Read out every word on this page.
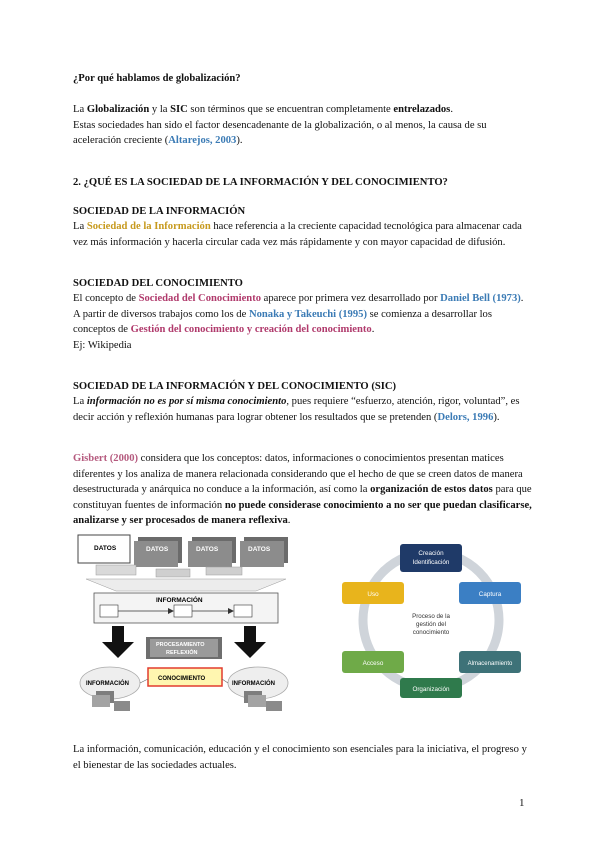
¿Por qué hablamos de globalización?
La Globalización y la SIC son términos que se encuentran completamente entrelazados.
Estas sociedades han sido el factor desencadenante de la globalización, o al menos, la causa de su aceleración creciente (Altarejos, 2003).
2. ¿QUÉ ES LA SOCIEDAD DE LA INFORMACIÓN Y DEL CONOCIMIENTO?
SOCIEDAD DE LA INFORMACIÓN
La Sociedad de la Información hace referencia a la creciente capacidad tecnológica para almacenar cada vez más información y hacerla circular cada vez más rápidamente y con mayor capacidad de difusión.
SOCIEDAD DEL CONOCIMIENTO
El concepto de Sociedad del Conocimiento aparece por primera vez desarrollado por Daniel Bell (1973).
A partir de diversos trabajos como los de Nonaka y Takeuchi (1995) se comienza a desarrollar los conceptos de Gestión del conocimiento y creación del conocimiento.
Ej: Wikipedia
SOCIEDAD DE LA INFORMACIÓN Y DEL CONOCIMIENTO (SIC)
La información no es por sí misma conocimiento, pues requiere “esfuerzo, atención, rigor, voluntad”, es decir acción y reflexión humanas para lograr obtener los resultados que se pretenden (Delors, 1996).
Gisbert (2000) considera que los conceptos: datos, informaciones o conocimientos presentan matices diferentes y los analiza de manera relacionada considerando que el hecho de que se creen datos de manera desestructurada y anárquica no conduce a la información, así como la organización de estos datos para que constituyan fuentes de información no puede considerase conocimiento a no ser que puedan clasificarse, analizarse y ser procesados de manera reflexiva.
DATOS	DATOS	DATOS	DATOS
INFORMACIÓN
PROCESAMIENTO
REFLEXIÓN
CONOCIMIENTO
INFORMACIÓN	INFORMACIÓN
Proceso de la
gestión del
conocimiento
Creación
Identificación
Captura
Almacenamiento
Organización
Acceso
Uso
La información, comunicación, educación y el conocimiento son esenciales para la iniciativa, el progreso y el bienestar de las sociedades actuales.
1
